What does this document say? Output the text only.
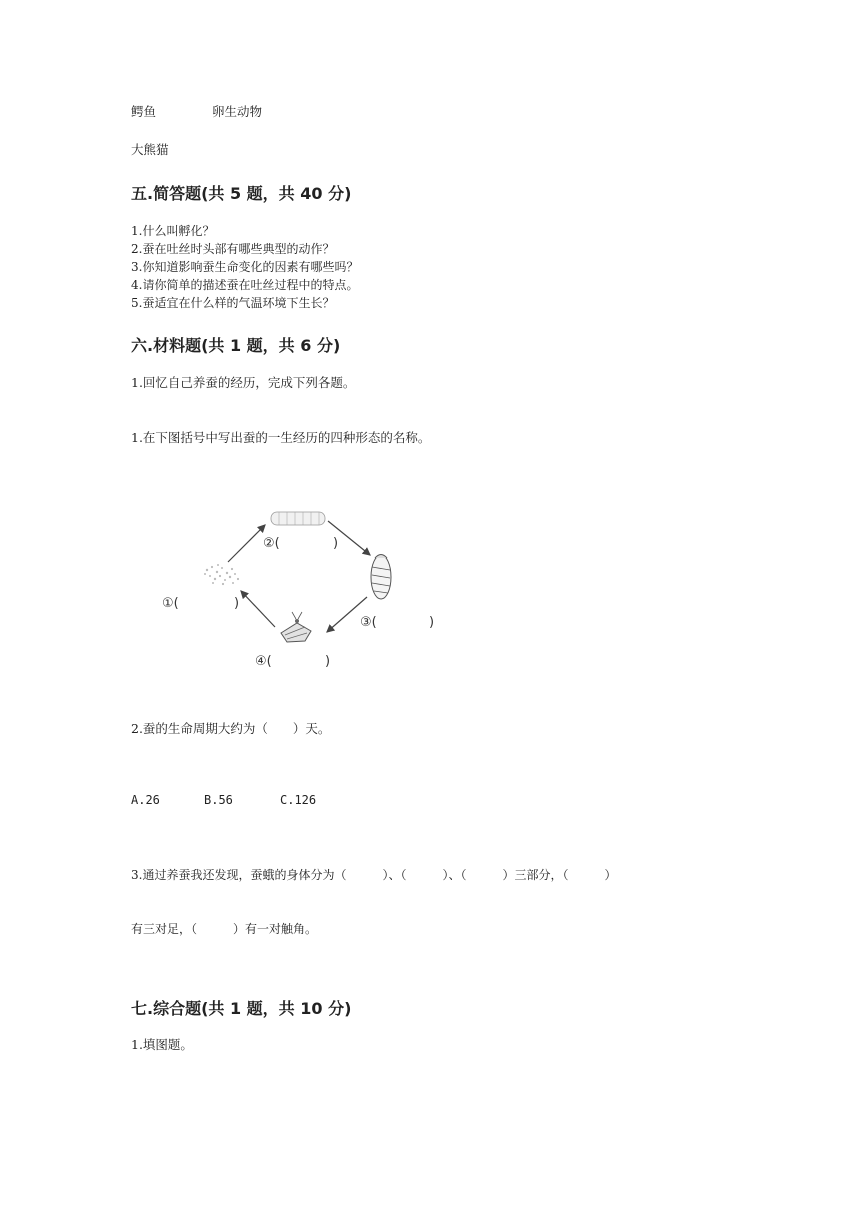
鳄鱼	卵生动物
大熊猫
五.简答题(共 5 题，共 40 分)
1.什么叫孵化？
2.蚕在吐丝时头部有哪些典型的动作？
3.你知道影响蚕生命变化的因素有哪些吗？
4.请你简单的描述蚕在吐丝过程中的特点。
5.蚕适宜在什么样的气温环境下生长？
六.材料题(共 1 题，共 6 分)
1.回忆自己养蚕的经历，完成下列各题。
1.在下图括号中写出蚕的一生经历的四种形态的名称。
①(	)
②(	)
③(	)
④(	)
2.蚕的生命周期大约为（　　）天。
A.26	B.56	C.126
3.通过养蚕我还发现，蚕蛾的身体分为（　　　）、（　　　）、（　　　）三部分，（　　　）
有三对足，（　　　）有一对触角。
七.综合题(共 1 题，共 10 分)
1.填图题。
